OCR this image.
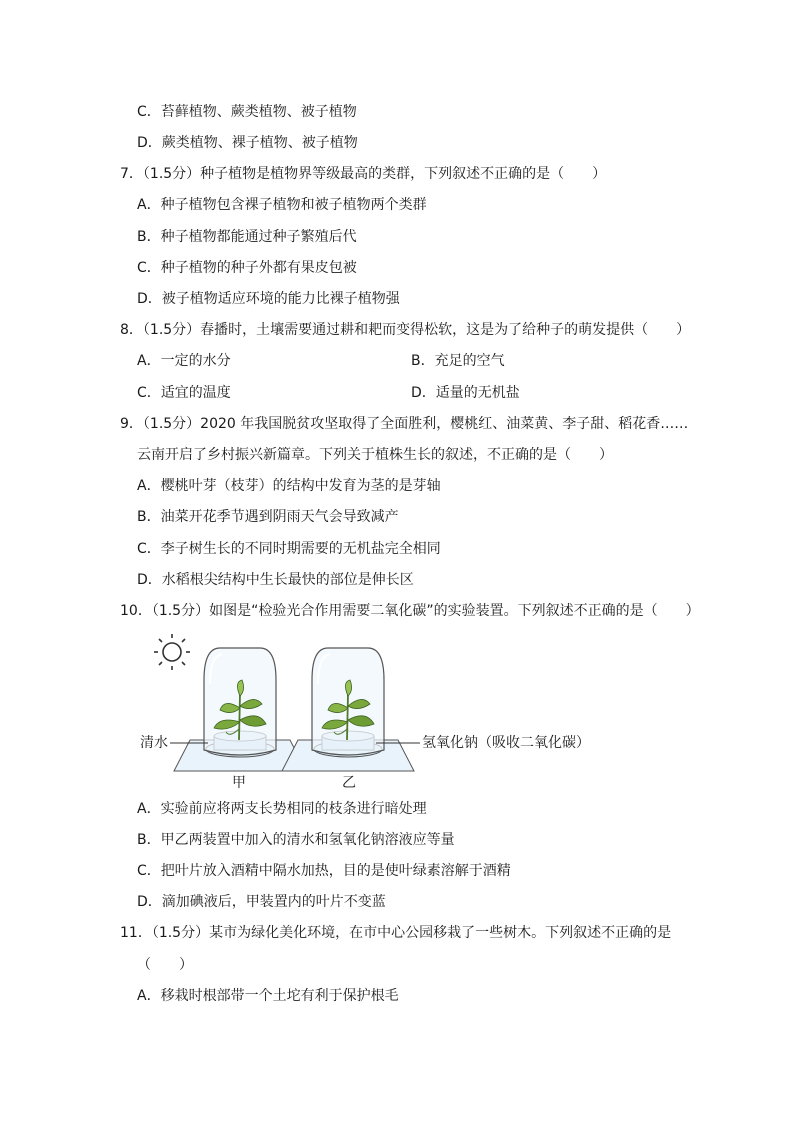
C．苔藓植物、蕨类植物、被子植物
D．蕨类植物、裸子植物、被子植物
7．（1.5分）种子植物是植物界等级最高的类群，下列叙述不正确的是（　　）
A．种子植物包含裸子植物和被子植物两个类群
B．种子植物都能通过种子繁殖后代
C．种子植物的种子外都有果皮包被
D．被子植物适应环境的能力比裸子植物强
8．（1.5分）春播时，土壤需要通过耕和耙而变得松软，这是为了给种子的萌发提供（　　）
A．一定的水分	B．充足的空气
C．适宜的温度	D．适量的无机盐
9．（1.5分）2020 年我国脱贫攻坚取得了全面胜利，樱桃红、油菜黄、李子甜、稻花香……
云南开启了乡村振兴新篇章。下列关于植株生长的叙述，不正确的是（　　）
A．樱桃叶芽（枝芽）的结构中发育为茎的是芽轴
B．油菜开花季节遇到阴雨天气会导致减产
C．李子树生长的不同时期需要的无机盐完全相同
D．水稻根尖结构中生长最快的部位是伸长区
10．（1.5分）如图是“检验光合作用需要二氧化碳”的实验装置。下列叙述不正确的是（　　）
清水	氢氧化钠（吸收二氧化碳）
甲	乙
A．实验前应将两支长势相同的枝条进行暗处理
B．甲乙两装置中加入的清水和氢氧化钠溶液应等量
C．把叶片放入酒精中隔水加热，目的是使叶绿素溶解于酒精
D．滴加碘液后，甲装置内的叶片不变蓝
11．（1.5分）某市为绿化美化环境，在市中心公园移栽了一些树木。下列叙述不正确的是
（　　）
A．移栽时根部带一个土坨有利于保护根毛
